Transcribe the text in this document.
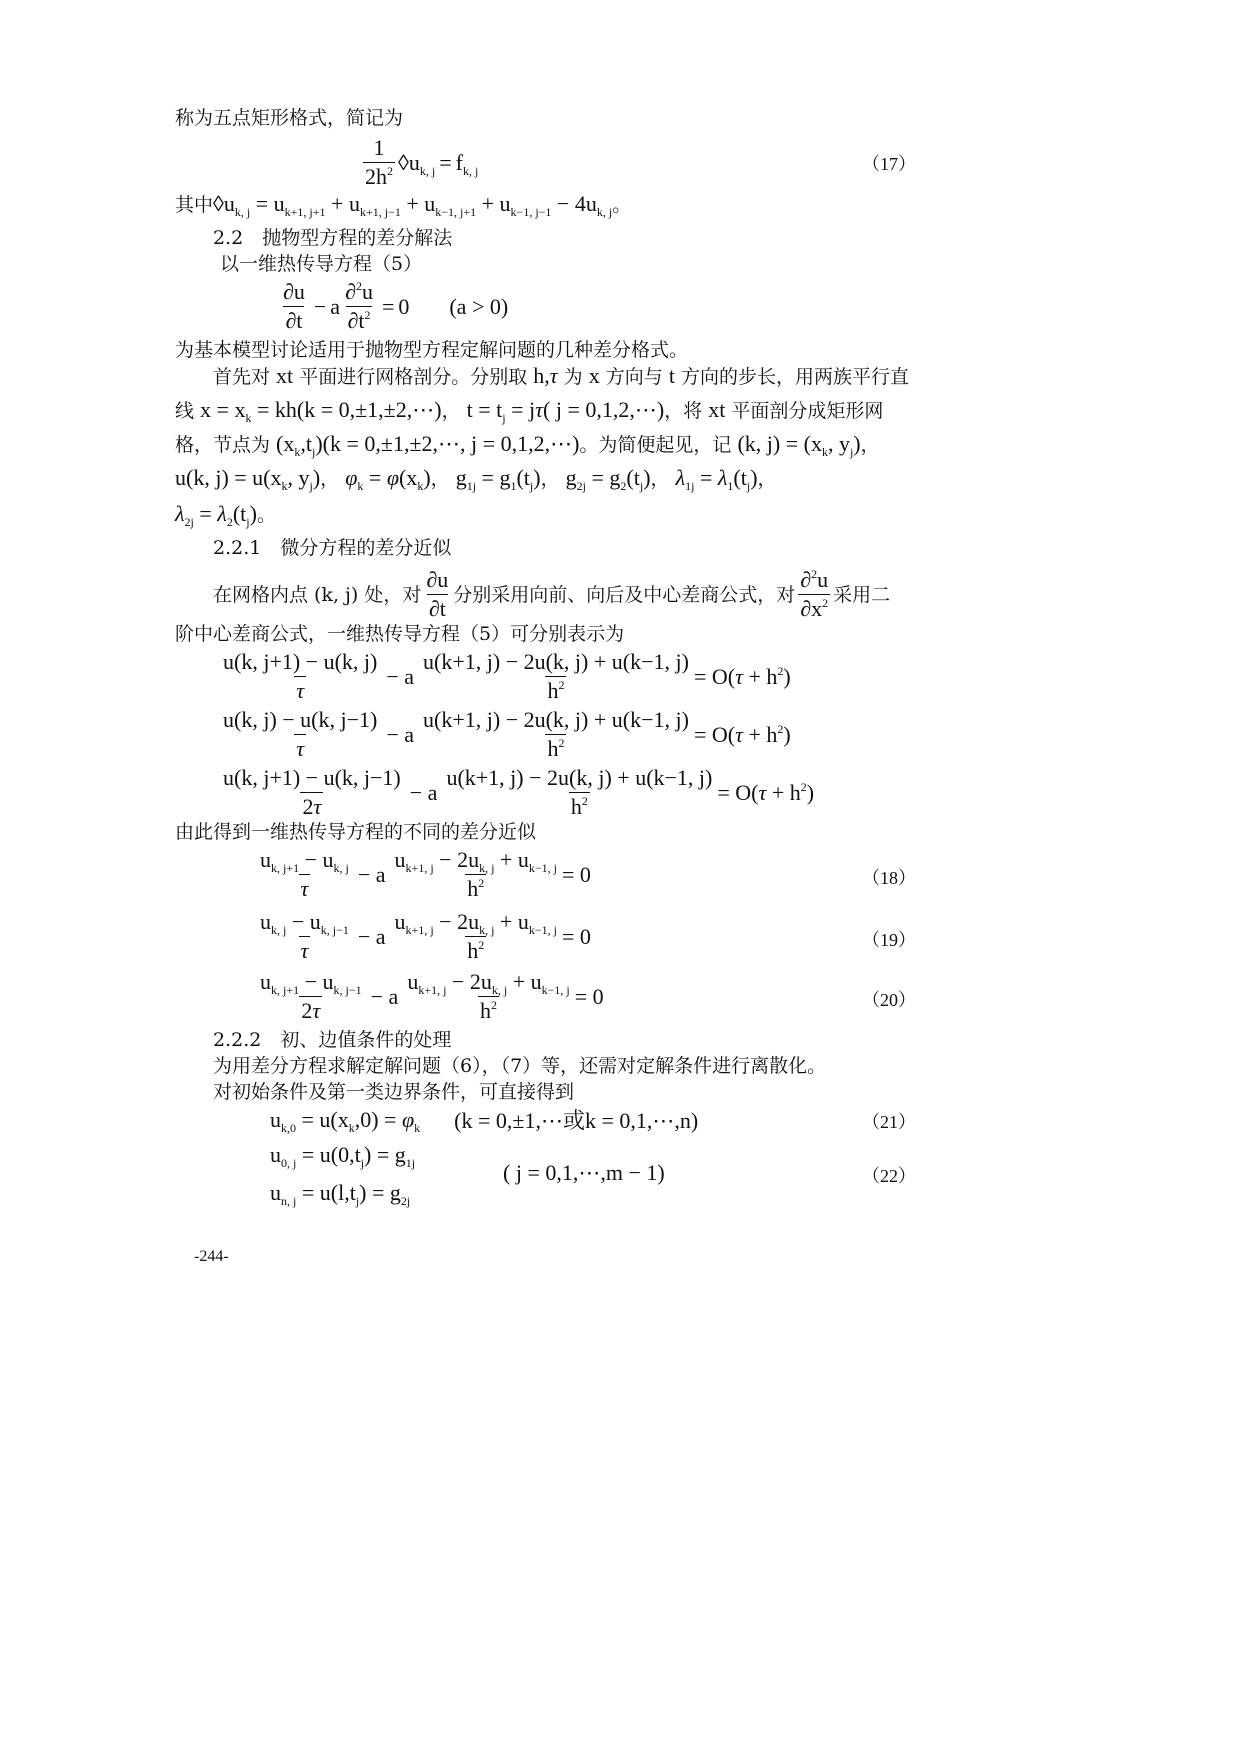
称为五点矩形格式，简记为
$\frac{1}{2h^2}$ $◊u_{k, j} = f_{k, j}$	（17）
其中$◊u_{k, j} = u_{k+1, j+1} + u_{k+1, j-1} + u_{k-1, j+1} + u_{k-1, j-1} - 4u_{k, j}$。
2.2　抛物型方程的差分解法
以一维热传导方程（5）
$\frac{\partial u}{\partial t} - a \frac{\partial^2u}{\partial t^2} = 0$ (a > 0)
为基本模型讨论适用于抛物型方程定解问题的几种差分格式。
首先对 xt 平面进行网格剖分。分别取 h,τ 为 x 方向与 t 方向的步长，用两族平行直
线 $x = x_k = kh(k$ = 0,±1,±2,⋯)， $t = t_j = j\tau$( j = 0,1,2,⋯)，将 xt 平面剖分成矩形网
格，节点为 $(x_k,t_j)(k$ = 0,±1,±2,⋯, j = 0,1,2,⋯)。为简便起见，记 (k, $j) = (x_k$, $y_j$)，
u(k, $j) = u(x_k$, $y_j$)， $\varphi_k = \varphi(x_k)$， $g_{1j} = g_1(t_j)$， $g_{2j} = g_2(t_j)$， $\lambda_{1j} = \lambda_1(t_j)$，
$\lambda_{2j} = \lambda_2(t_j)$。
2.2.1　微分方程的差分近似
在网格内点 (k, j) 处，对 $\frac{\partial u}{\partial t}$ 分别采用向前、向后及中心差商公式，对 $\frac{\partial^2u}{\partial x^2}$ 采用二
阶中心差商公式，一维热传导方程（5）可分别表示为
$\frac{u(k, j+1) - u(k, j)}{\tau} - a \frac{u(k+1, j) - 2u(k, j) + u(k-1, j)}{h^2} = O(\tau + h^2)$
$\frac{u(k, j) - u(k, j-1)}{\tau} - a \frac{u(k+1, j) - 2u(k, j) + u(k-1, j)}{h^2} = O(\tau + h^2)$
$\frac{u(k, j+1) - u(k, j-1)}{2\tau} - a \frac{u(k+1, j) - 2u(k, j) + u(k-1, j)}{h^2} = O(\tau + h^2)$
由此得到一维热传导方程的不同的差分近似
$\frac{u_{k, j+1} - u_{k, j}}{\tau} - a \frac{u_{k+1, j} - 2u_{k, j} + u_{k-1, j}}{h^2} = 0$	（18）
$\frac{u_{k, j} - u_{k, j-1}}{\tau} - a \frac{u_{k+1, j} - 2u_{k, j} + u_{k-1, j}}{h^2} = 0$	（19）
$\frac{u_{k, j+1} - u_{k, j-1}}{2\tau} - a \frac{u_{k+1, j} - 2u_{k, j} + u_{k-1, j}}{h^2} = 0$	（20）
2.2.2　初、边值条件的处理
为用差分方程求解定解问题（6），（7）等，还需对定解条件进行离散化。
对初始条件及第一类边界条件，可直接得到
$u_{k,0} = u(x_k,0) = \varphi_k$ (k = 0,±1,⋯或k = 0,1,⋯,n)	（21）
$u_{0, j} = u(0,t_j) = g_{1j}$
$u_{n, j} = u(l,t_j) = g_{2j}$
( j = 0,1,⋯,m − 1)	（22）
-244-
